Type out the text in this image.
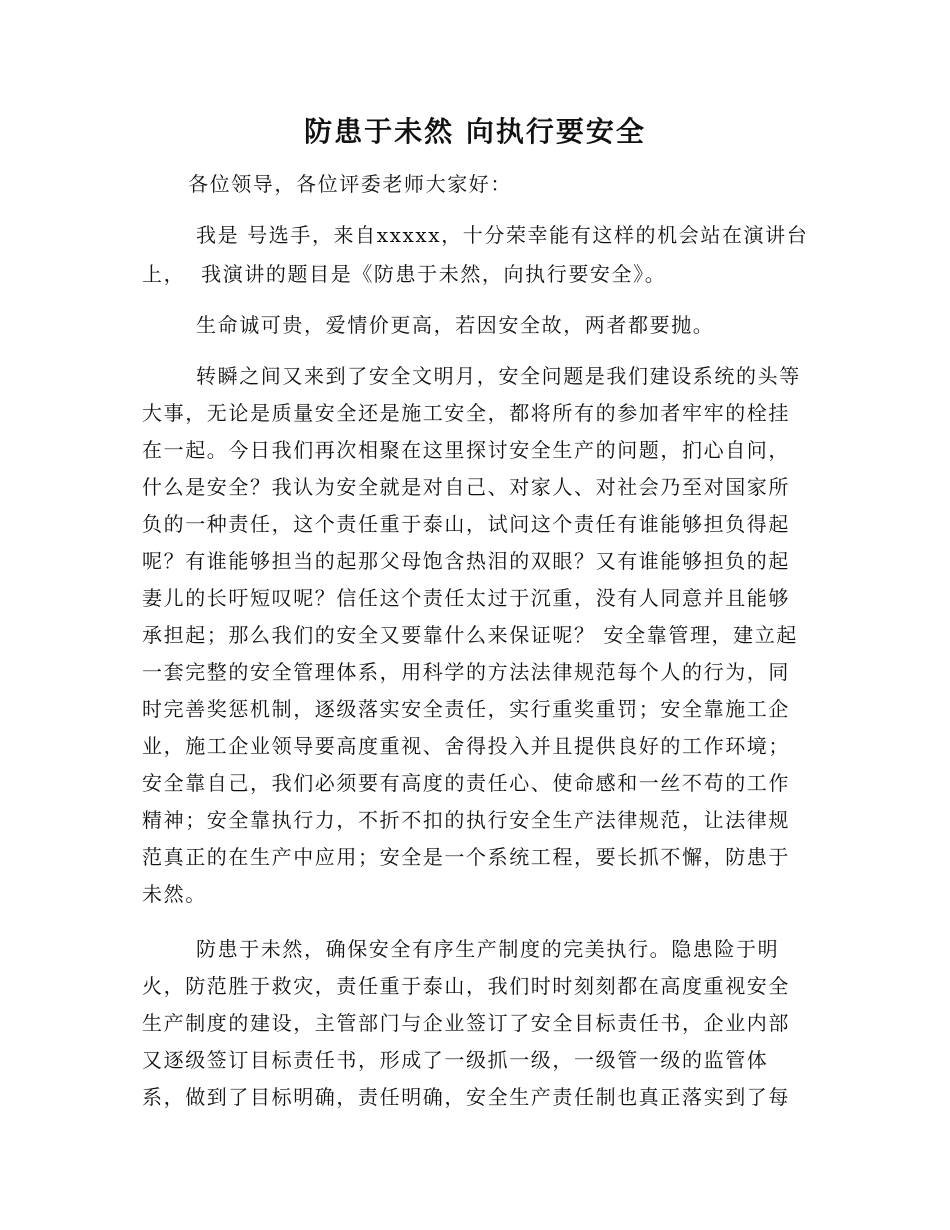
防患于未然 向执行要安全

各位领导，各位评委老师大家好：

我是 号选手，来自xxxxx，十分荣幸能有这样的机会站在演讲台

上，  我演讲的题目是《防患于未然，向执行要安全》。

生命诚可贵，爱情价更高，若因安全故，两者都要抛。

转瞬之间又来到了安全文明月，安全问题是我们建设系统的头等

大事，无论是质量安全还是施工安全，都将所有的参加者牢牢的栓挂

在一起。今日我们再次相聚在这里探讨安全生产的问题，扪心自问，

什么是安全？我认为安全就是对自己、对家人、对社会乃至对国家所

负的一种责任，这个责任重于泰山，试问这个责任有谁能够担负得起

呢？有谁能够担当的起那父母饱含热泪的双眼？又有谁能够担负的起

妻儿的长吁短叹呢？信任这个责任太过于沉重，没有人同意并且能够

承担起；那么我们的安全又要靠什么来保证呢？ 安全靠管理，建立起

一套完整的安全管理体系，用科学的方法法律规范每个人的行为，同

时完善奖惩机制，逐级落实安全责任，实行重奖重罚；安全靠施工企

业，施工企业领导要高度重视、舍得投入并且提供良好的工作环境；

安全靠自己，我们必须要有高度的责任心、使命感和一丝不苟的工作

精神；安全靠执行力，不折不扣的执行安全生产法律规范，让法律规

范真正的在生产中应用；安全是一个系统工程，要长抓不懈，防患于

未然。

防患于未然，确保安全有序生产制度的完美执行。隐患险于明

火，防范胜于救灾，责任重于泰山，我们时时刻刻都在高度重视安全

生产制度的建设，主管部门与企业签订了安全目标责任书，企业内部

又逐级签订目标责任书，形成了一级抓一级，一级管一级的监管体

系，做到了目标明确，责任明确，安全生产责任制也真正落实到了每
